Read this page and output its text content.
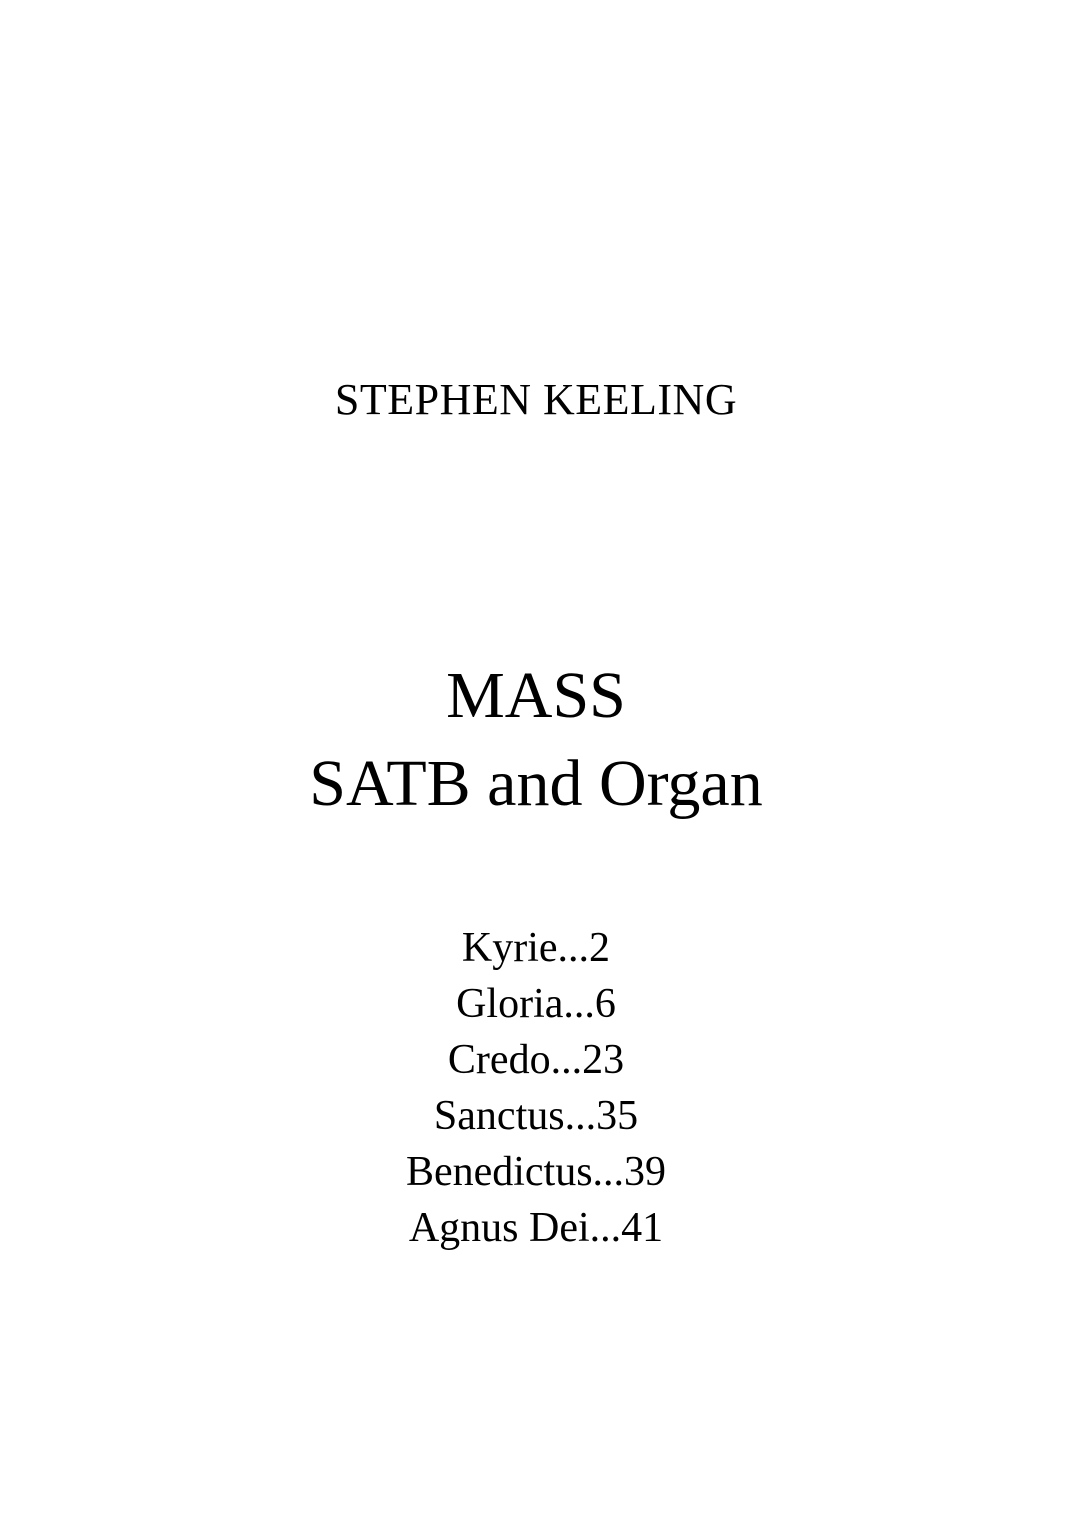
STEPHEN KEELING
MASS
SATB and Organ
Kyrie...2
Gloria...6
Credo...23
Sanctus...35
Benedictus...39
Agnus Dei...41
